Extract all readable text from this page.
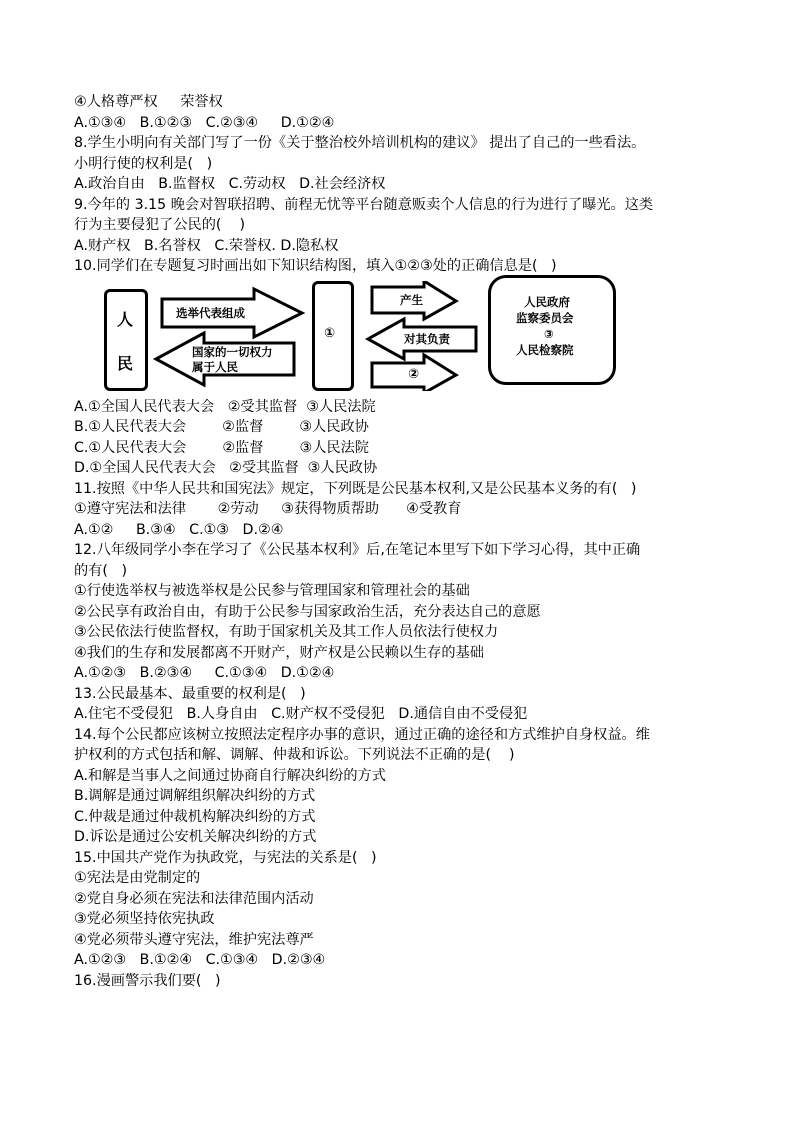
④人格尊严权     荣誉权
A.①③④   B.①②③   C.②③④     D.①②④
8.学生小明向有关部门写了一份《关于整治校外培训机构的建议》 提出了自己的一些看法。
小明行使的权利是(   )
A.政治自由   B.监督权   C.劳动权   D.社会经济权
9.今年的 3.15 晚会对智联招聘、前程无忧等平台随意贩卖个人信息的行为进行了曝光。这类
行为主要侵犯了公民的(    )
A.财产权   B.名誉权   C.荣誉权. D.隐私权
10.同学们在专题复习时画出如下知识结构图，填入①②③处的正确信息是(   )
人
民
选举代表组成
国家的一切权力
属于人民
①
产生
对其负责
②
人民政府
监察委员会
③
人民检察院
A.①全国人民代表大会   ②受其监督  ③人民法院
B.①人民代表大会        ②监督        ③人民政协
C.①人民代表大会        ②监督        ③人民法院
D.①全国人民代表大会   ②受其监督  ③人民政协
11.按照《中华人民共和国宪法》规定，下列既是公民基本权利,又是公民基本义务的有(   )
①遵守宪法和法律       ②劳动     ③获得物质帮助      ④受教育
A.①②     B.③④   C.①③   D.②④
12.八年级同学小李在学习了《公民基本权利》后,在笔记本里写下如下学习心得，其中正确
的有(   )
①行使选举权与被选举权是公民参与管理国家和管理社会的基础
②公民享有政治自由，有助于公民参与国家政治生活，充分表达自己的意愿
③公民依法行使监督权，有助于国家机关及其工作人员依法行使权力
④我们的生存和发展都离不开财产，财产权是公民赖以生存的基础
A.①②③   B.②③④     C.①③④   D.①②④
13.公民最基本、最重要的权利是(   )
A.住宅不受侵犯   B.人身自由   C.财产权不受侵犯   D.通信自由不受侵犯
14.每个公民都应该树立按照法定程序办事的意识，通过正确的途径和方式维护自身权益。维
护权利的方式包括和解、调解、仲裁和诉讼。下列说法不正确的是(    )
A.和解是当事人之间通过协商自行解决纠纷的方式
B.调解是通过调解组织解决纠纷的方式
C.仲裁是通过仲裁机构解决纠纷的方式
D.诉讼是通过公安机关解决纠纷的方式
15.中国共产党作为执政党，与宪法的关系是(   )
①宪法是由党制定的
②党自身必须在宪法和法律范围内活动
③党必须坚持依宪执政
④党必须带头遵守宪法，维护宪法尊严
A.①②③   B.①②④   C.①③④   D.②③④
16.漫画警示我们要(   )
